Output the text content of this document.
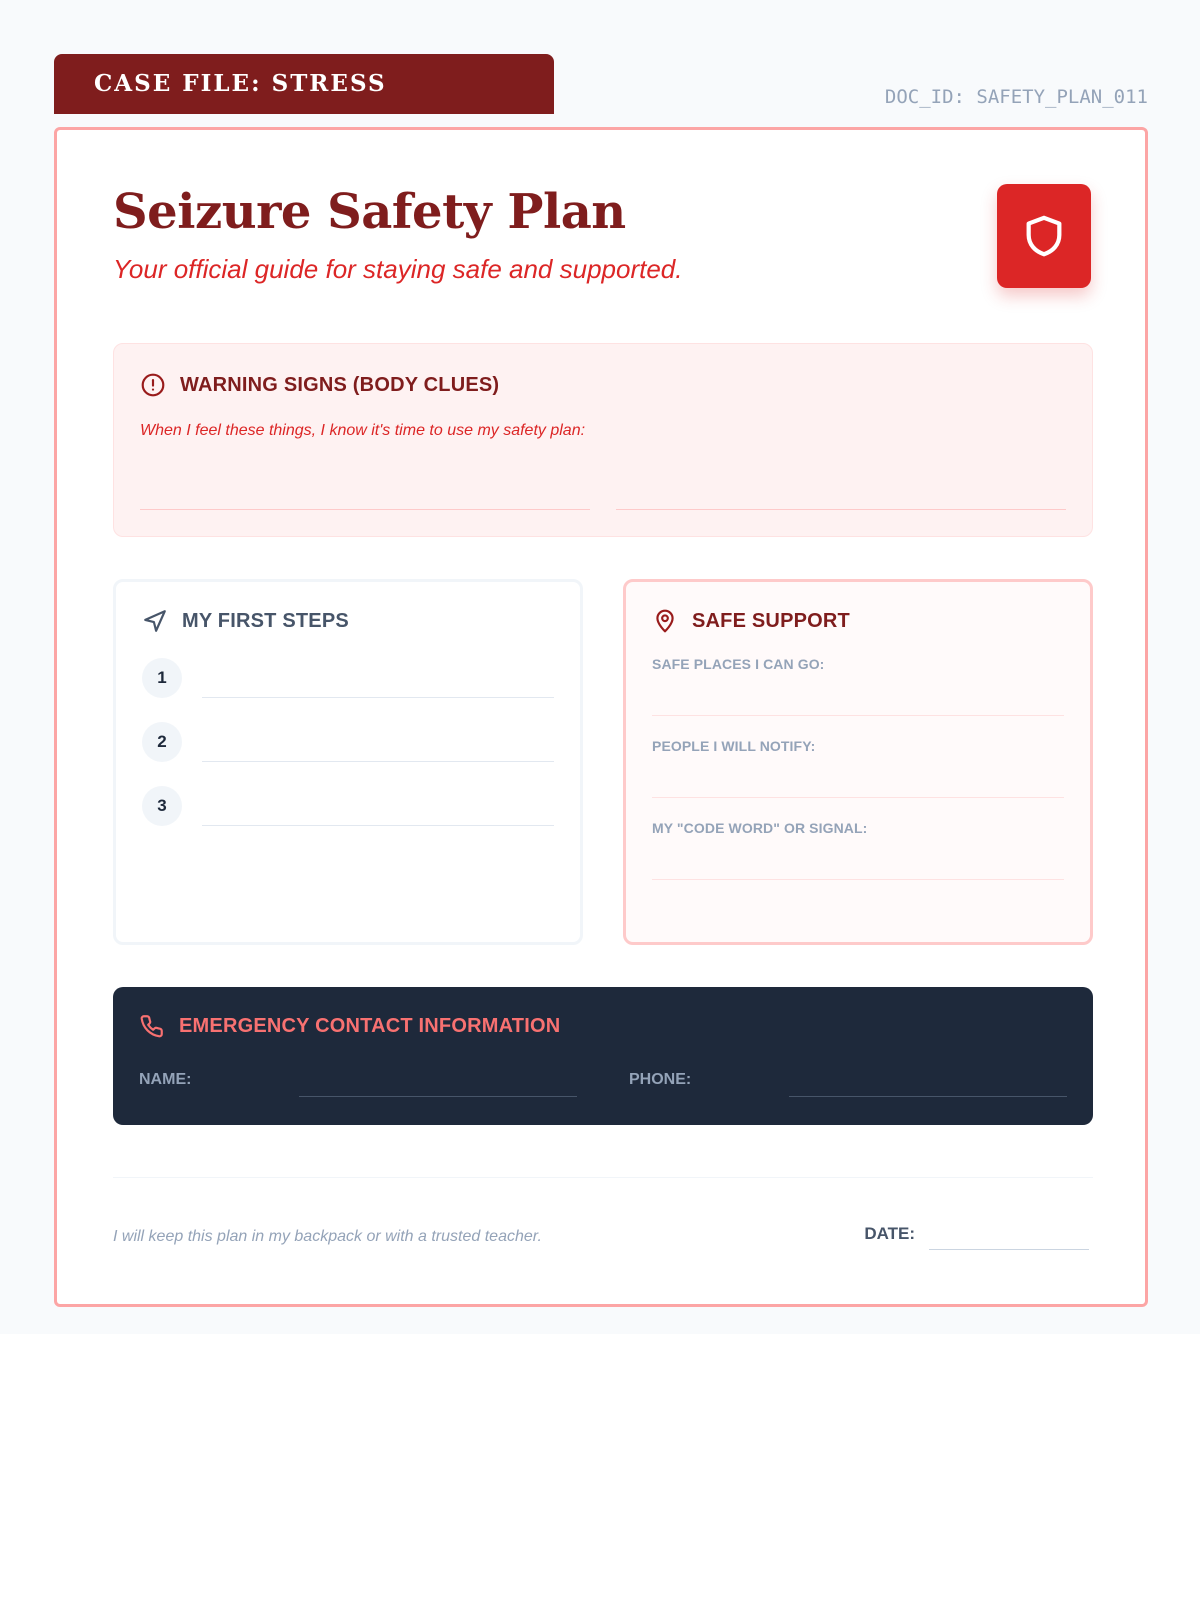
CASE FILE: STRESS	DOC_ID: SAFETY_PLAN_011
Seizure Safety Plan
Your official guide for staying safe and supported.
WARNING SIGNS (BODY CLUES)
When I feel these things, I know it's time to use my safety plan:
MY FIRST STEPS
1
2
3
SAFE SUPPORT
SAFE PLACES I CAN GO:
PEOPLE I WILL NOTIFY:
MY "CODE WORD" OR SIGNAL:
EMERGENCY CONTACT INFORMATION
NAME:	PHONE:
I will keep this plan in my backpack or with a trusted teacher.	DATE:
